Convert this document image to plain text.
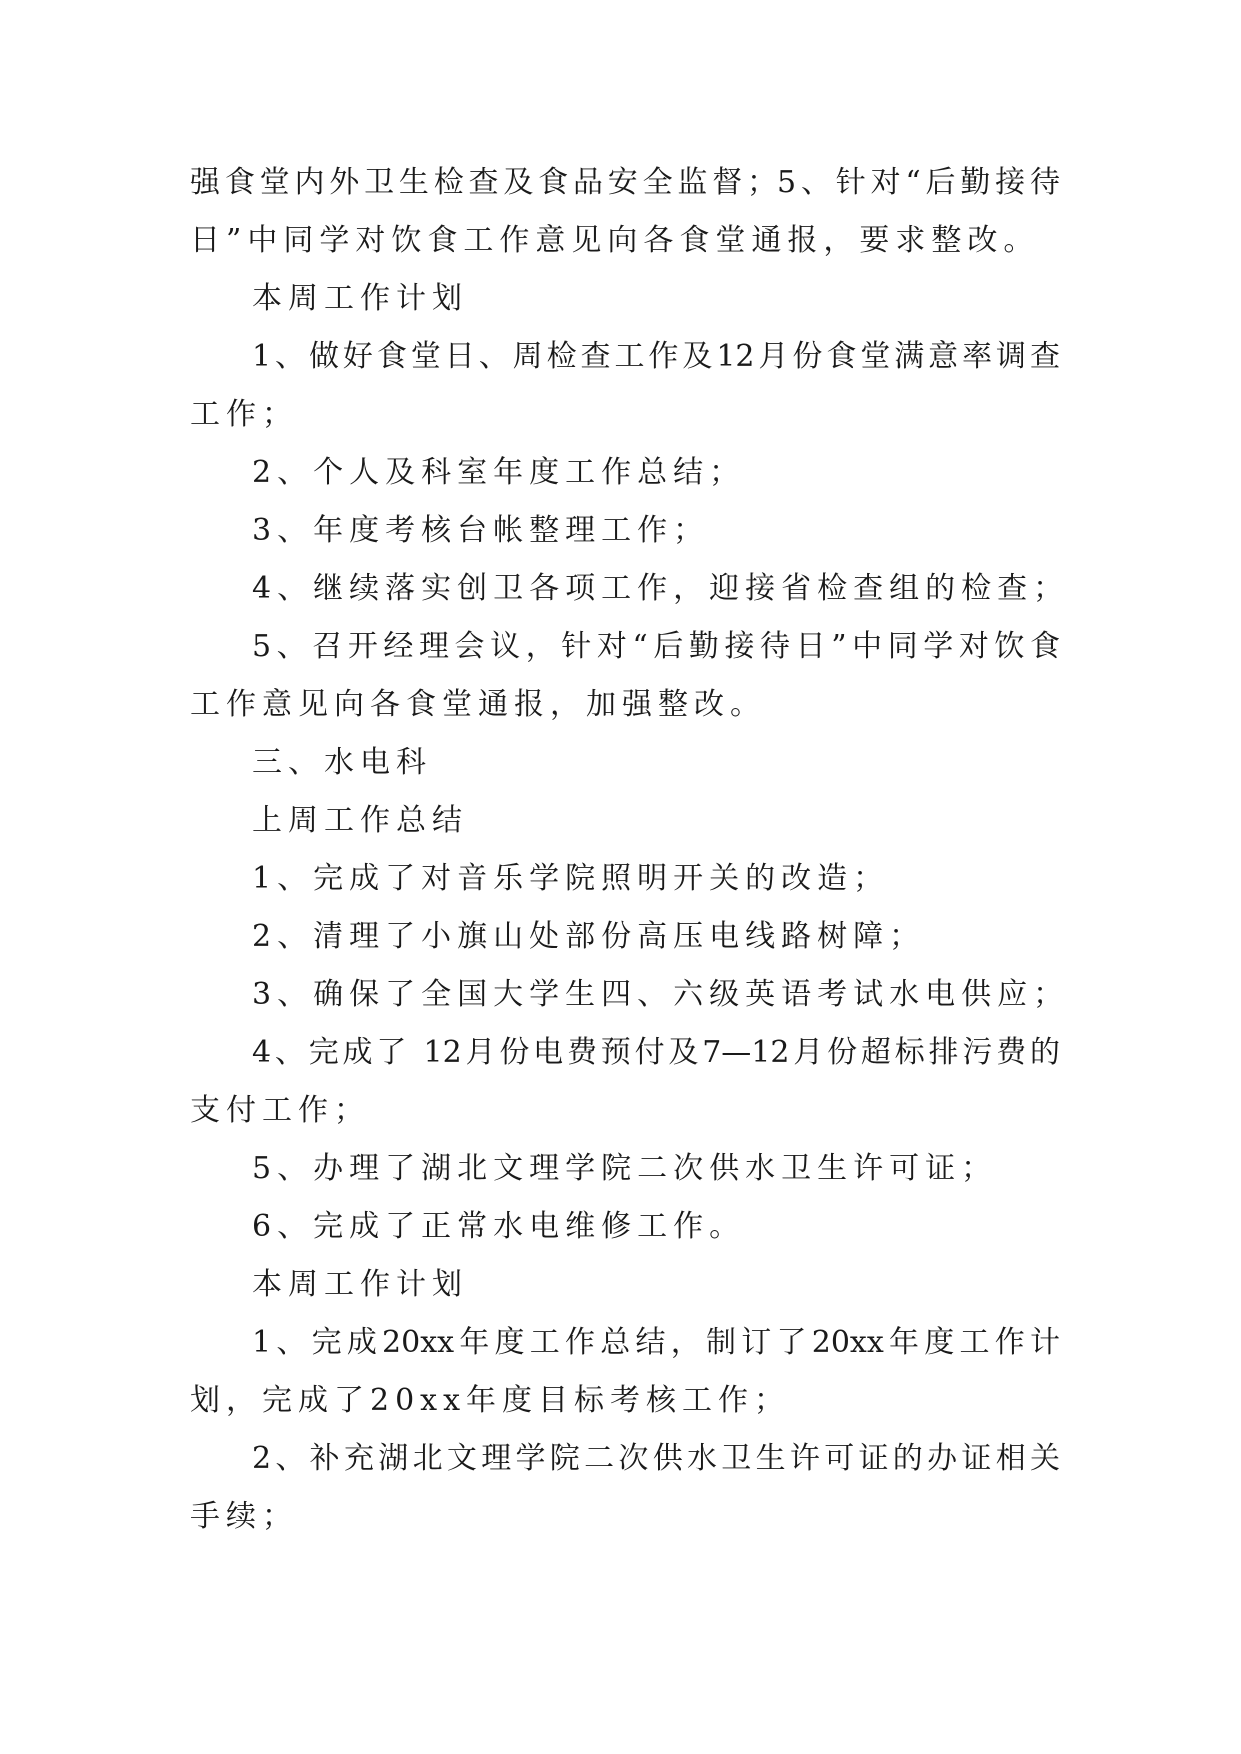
强食堂内外卫生检查及食品安全监督；5、针对“后勤接待

日”中同学对饮食工作意见向各食堂通报，要求整改。

本周工作计划

1、做好食堂日、周检查工作及12月份食堂满意率调查

工作；

2、个人及科室年度工作总结；

3、年度考核台帐整理工作；

4、继续落实创卫各项工作，迎接省检查组的检查；

5、召开经理会议，针对“后勤接待日”中同学对饮食

工作意见向各食堂通报，加强整改。

三、水电科

上周工作总结

1、完成了对音乐学院照明开关的改造；

2、清理了小旗山处部份高压电线路树障；

3、确保了全国大学生四、六级英语考试水电供应；

4、完成了 12月份电费预付及7—12月份超标排污费的

支付工作；

5、办理了湖北文理学院二次供水卫生许可证；

6、完成了正常水电维修工作。

本周工作计划

1、完成20xx年度工作总结，制订了20xx年度工作计

划，完成了20xx年度目标考核工作；

2、补充湖北文理学院二次供水卫生许可证的办证相关

手续；
